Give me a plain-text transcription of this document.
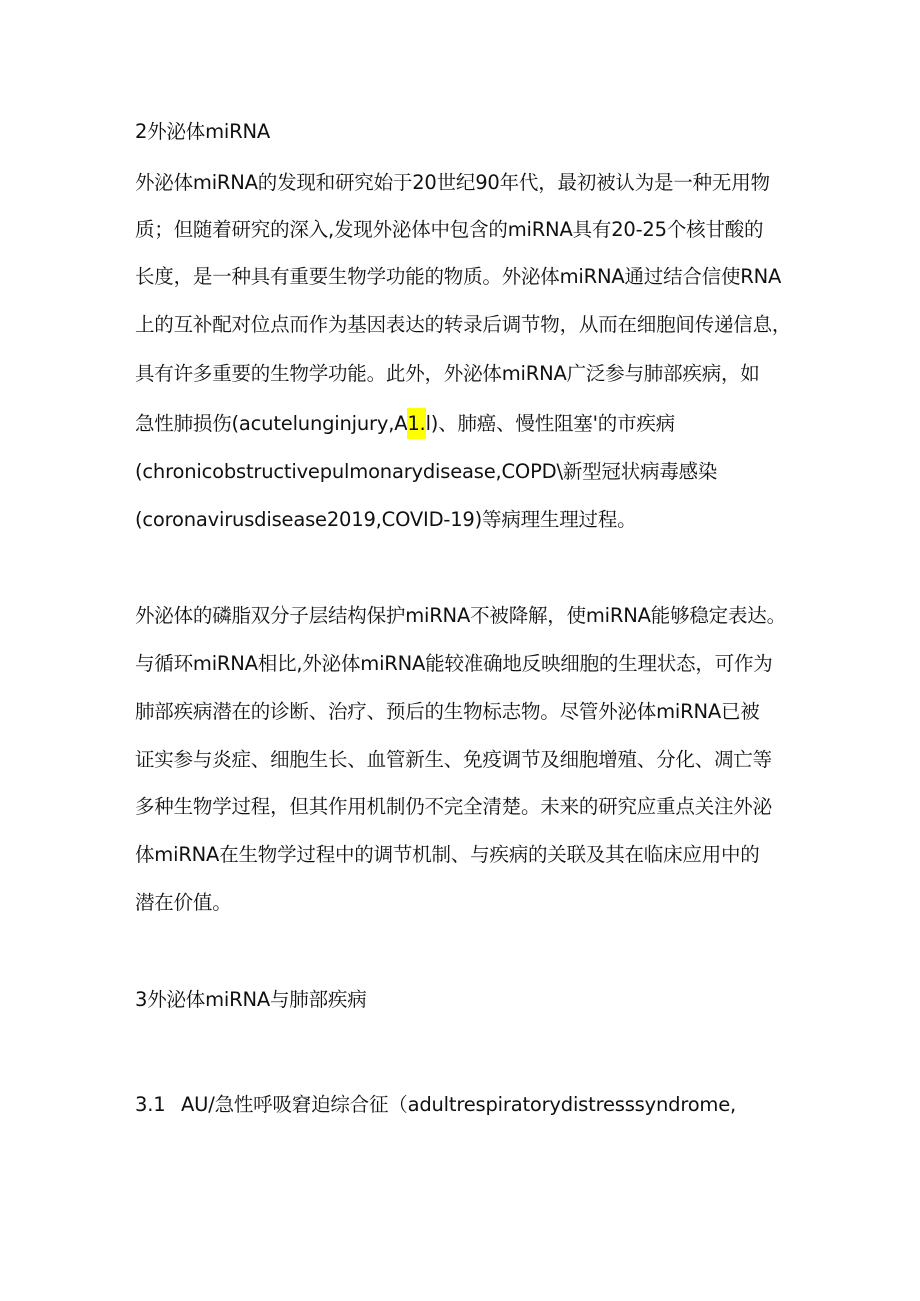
2外泌体miRNA
外泌体miRNA的发现和研究始于20世纪90年代，最初被认为是一种无用物
质；但随着研究的深入,发现外泌体中包含的miRNA具有20-25个核甘酸的
长度，是一种具有重要生物学功能的物质。外泌体miRNA通过结合信使RNA
上的互补配对位点而作为基因表达的转录后调节物，从而在细胞间传递信息，
具有许多重要的生物学功能。此外，外泌体miRNA广泛参与肺部疾病，如
急性肺损伤(acutelunginjury,A1.l)、肺癌、慢性阻塞'的市疾病
(chronicobstructivepulmonarydisease,COPD\新型冠状病毒感染
(coronavirusdisease2019,COVID-19)等病理生理过程。
外泌体的磷脂双分子层结构保护miRNA不被降解，使miRNA能够稳定表达。
与循环miRNA相比,外泌体miRNA能较准确地反映细胞的生理状态，可作为
肺部疾病潜在的诊断、治疗、预后的生物标志物。尽管外泌体miRNA已被
证实参与炎症、细胞生长、血管新生、免疫调节及细胞增殖、分化、凋亡等
多种生物学过程，但其作用机制仍不完全清楚。未来的研究应重点关注外泌
体miRNA在生物学过程中的调节机制、与疾病的关联及其在临床应用中的
潜在价值。
3外泌体miRNA与肺部疾病
3.1 AU/急性呼吸窘迫综合征（adultrespiratorydistresssyndrome,
